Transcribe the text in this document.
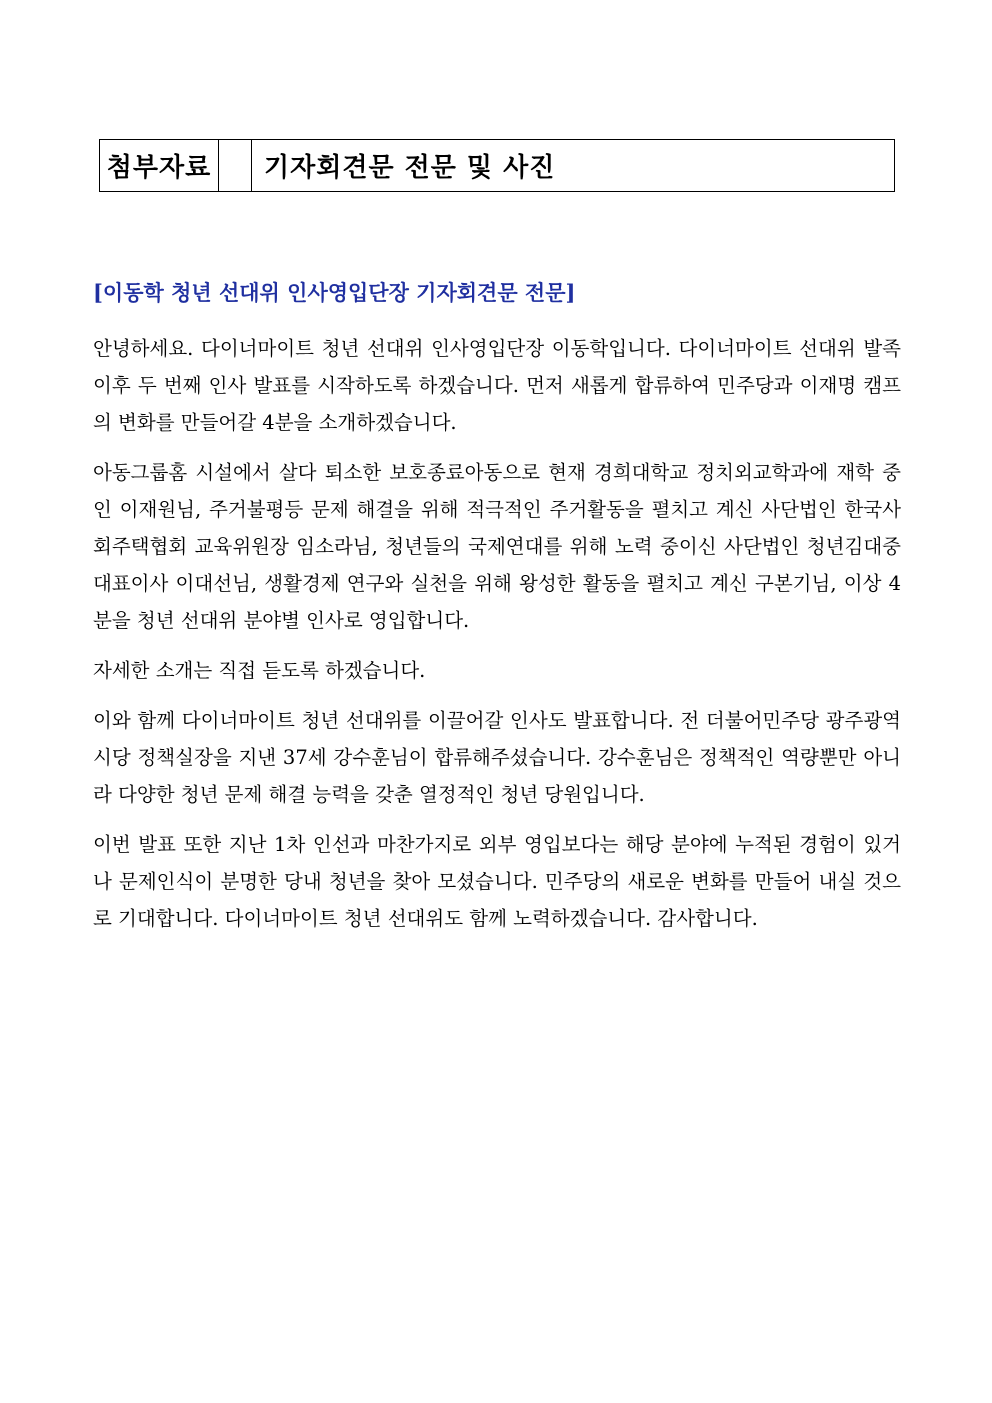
첨부자료	기자회견문 전문 및 사진
[이동학 청년 선대위 인사영입단장 기자회견문 전문]

안녕하세요. 다이너마이트 청년 선대위 인사영입단장 이동학입니다. 다이너마이트 선대위 발족 이후 두 번째 인사 발표를 시작하도록 하겠습니다. 먼저 새롭게 합류하여 민주당과 이재명 캠프의 변화를 만들어갈 4분을 소개하겠습니다.

아동그룹홈 시설에서 살다 퇴소한 보호종료아동으로 현재 경희대학교 정치외교학과에 재학 중인 이재원님, 주거불평등 문제 해결을 위해 적극적인 주거활동을 펼치고 계신 사단법인 한국사회주택협회 교육위원장 임소라님, 청년들의 국제연대를 위해 노력 중이신 사단법인 청년김대중 대표이사 이대선님, 생활경제 연구와 실천을 위해 왕성한 활동을 펼치고 계신 구본기님, 이상 4분을 청년 선대위 분야별 인사로 영입합니다.

자세한 소개는 직접 듣도록 하겠습니다.

이와 함께 다이너마이트 청년 선대위를 이끌어갈 인사도 발표합니다. 전 더불어민주당 광주광역시당 정책실장을 지낸 37세 강수훈님이 합류해주셨습니다. 강수훈님은 정책적인 역량뿐만 아니라 다양한 청년 문제 해결 능력을 갖춘 열정적인 청년 당원입니다.

이번 발표 또한 지난 1차 인선과 마찬가지로 외부 영입보다는 해당 분야에 누적된 경험이 있거나 문제인식이 분명한 당내 청년을 찾아 모셨습니다. 민주당의 새로운 변화를 만들어 내실 것으로 기대합니다. 다이너마이트 청년 선대위도 함께 노력하겠습니다. 감사합니다.
